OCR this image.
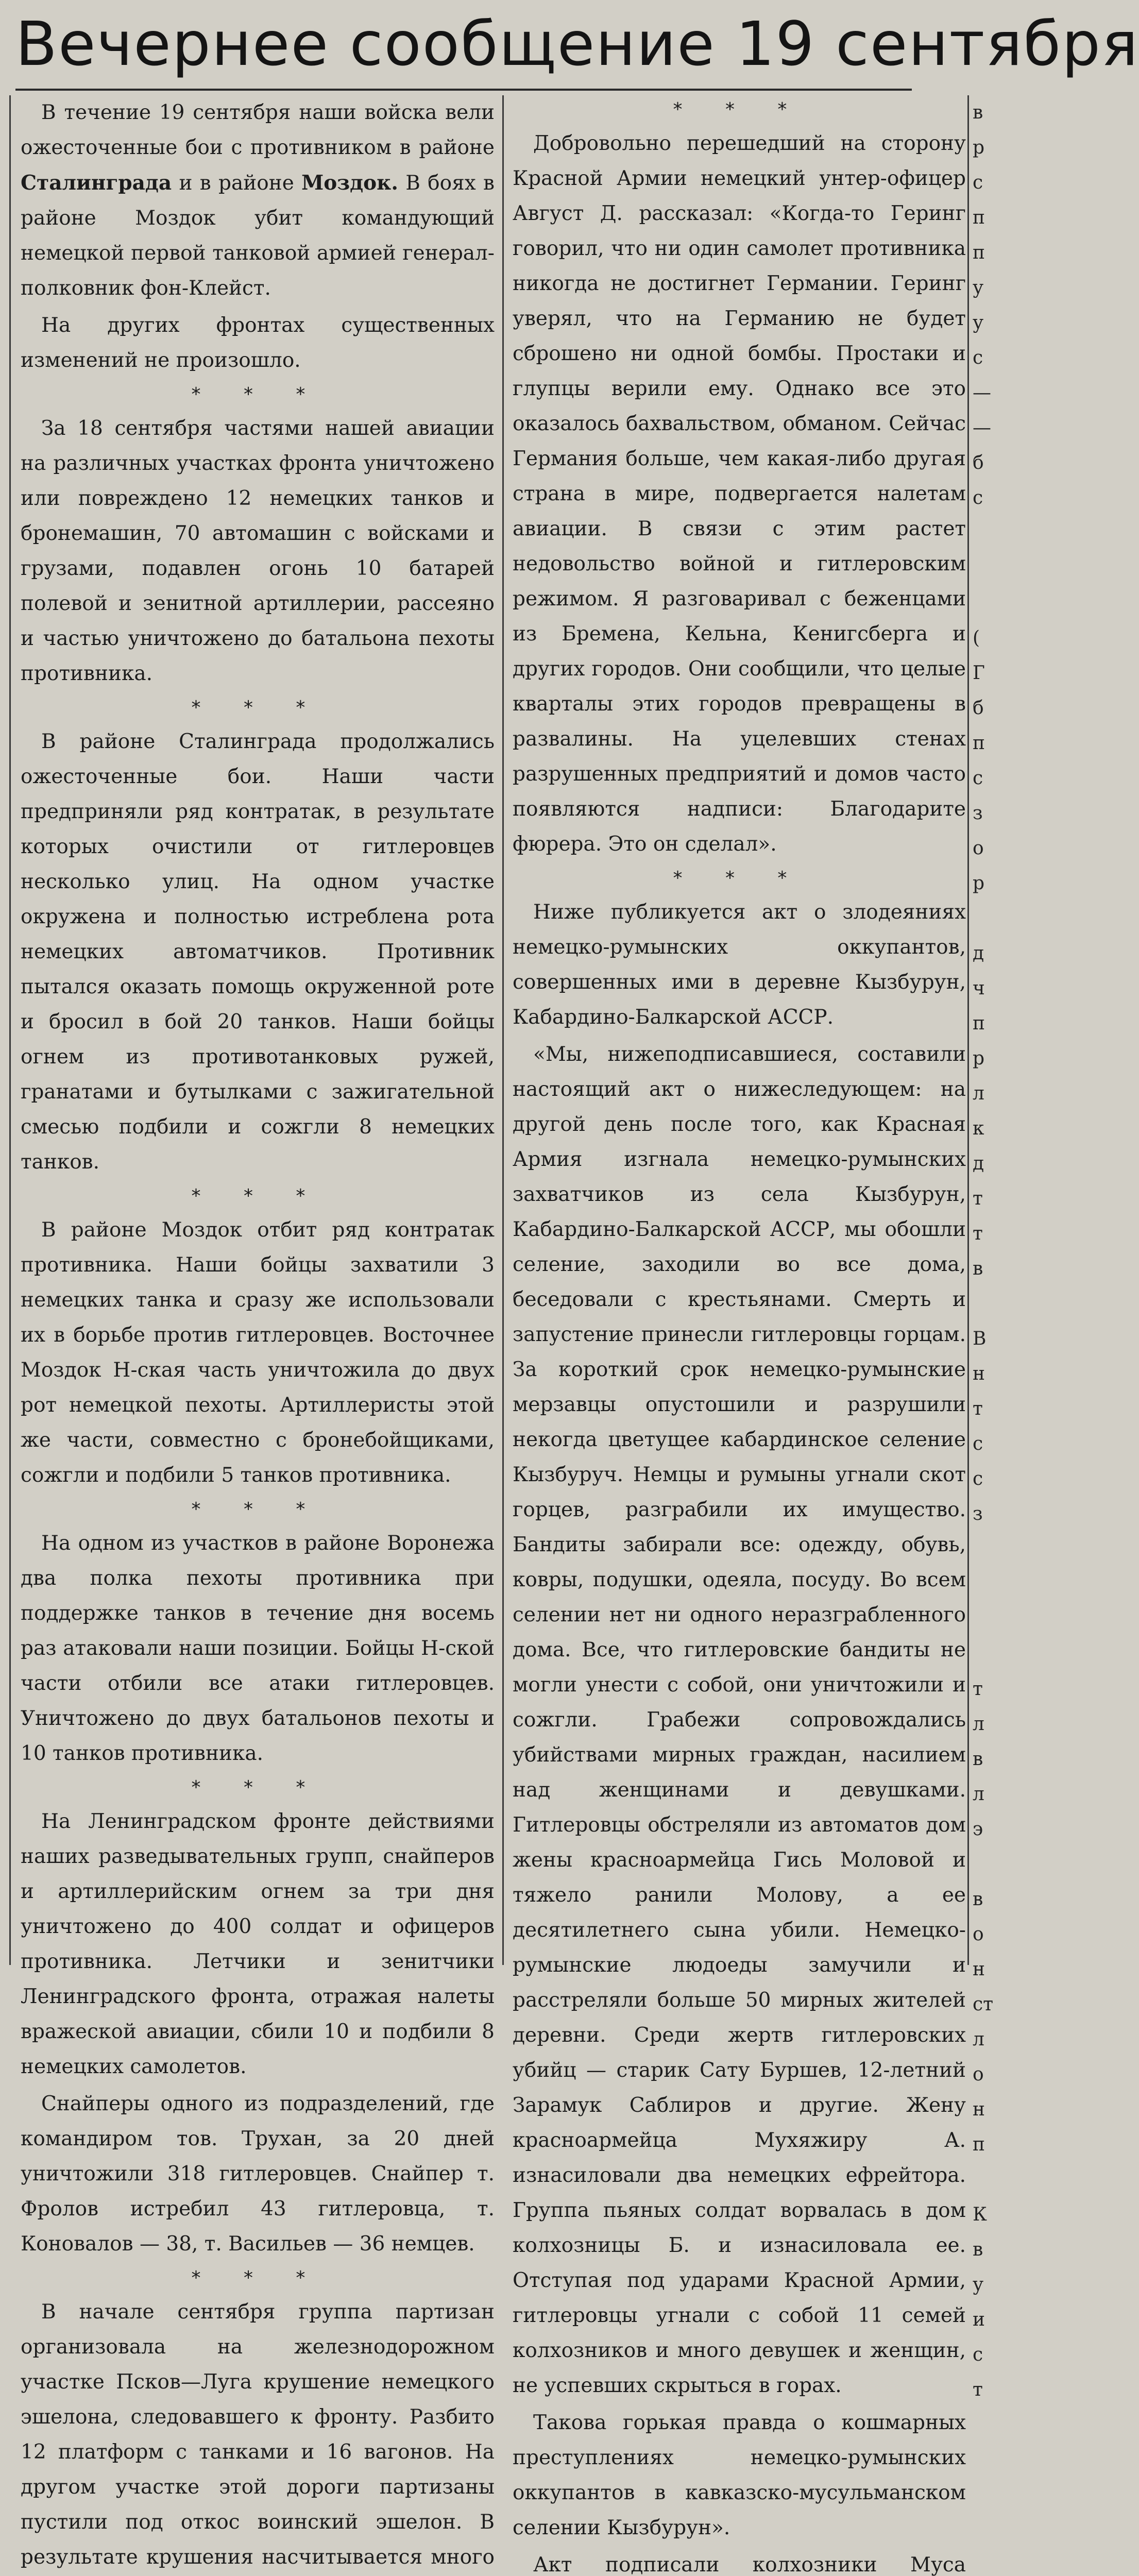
Вечернее сообщение 19 сентября

В течение 19 сентября наши войска вели ожесточенные бои с противником в районе Сталинграда и в районе Моздок. В боях в районе Моздок убит командующий немецкой первой танковой армией генерал-полковник фон-Клейст.

На других фронтах существенных изменений не произошло.

* * *

За 18 сентября частями нашей авиации на различных участках фронта уничтожено или повреждено 12 немецких танков и бронемашин, 70 автомашин с войсками и грузами, подавлен огонь 10 батарей полевой и зенитной артиллерии, рассеяно и частью уничтожено до батальона пехоты противника.

* * *

В районе Сталинграда продолжались ожесточенные бои. Наши части предприняли ряд контратак, в результате которых очистили от гитлеровцев несколько улиц. На одном участке окружена и полностью истреблена рота немецких автоматчиков. Противник пытался оказать помощь окруженной роте и бросил в бой 20 танков. Наши бойцы огнем из противотанковых ружей, гранатами и бутылками с зажигательной смесью подбили и сожгли 8 немецких танков.

* * *

В районе Моздок отбит ряд контратак противника. Наши бойцы захватили 3 немецких танка и сразу же использовали их в борьбе против гитлеровцев. Восточнее Моздок Н-ская часть уничтожила до двух рот немецкой пехоты. Артиллеристы этой же части, совместно с бронебойщиками, сожгли и подбили 5 танков противника.

* * *

На одном из участков в районе Воронежа два полка пехоты противника при поддержке танков в течение дня восемь раз атаковали наши позиции. Бойцы Н-ской части отбили все атаки гитлеровцев. Уничтожено до двух батальонов пехоты и 10 танков противника.

* * *

На Ленинградском фронте действиями наших разведывательных групп, снайперов и артиллерийским огнем за три дня уничтожено до 400 солдат и офицеров противника. Летчики и зенитчики Ленинградского фронта, отражая налеты вражеской авиации, сбили 10 и подбили 8 немецких самолетов.

Снайперы одного из подразделений, где командиром тов. Трухан, за 20 дней уничтожили 318 гитлеровцев. Снайпер т. Фролов истребил 43 гитлеровца, т. Коновалов — 38, т. Васильев — 36 немцев.

* * *

В начале сентября группа партизан организовала на железнодорожном участке Псков—Луга крушение немецкого эшелона, следовавшего к фронту. Разбито 12 платформ с танками и 16 вагонов. На другом участке этой дороги партизаны пустили под откос воинский эшелон. В результате крушения насчитывается много

* * *

Добровольно перешедший на сторону Красной Армии немецкий унтер-офицер Август Д. рассказал: «Когда-то Геринг говорил, что ни один самолет противника никогда не достигнет Германии. Геринг уверял, что на Германию не будет сброшено ни одной бомбы. Простаки и глупцы верили ему. Однако все это оказалось бахвальством, обманом. Сейчас Германия больше, чем какая-либо другая страна в мире, подвергается налетам авиации. В связи с этим растет недовольство войной и гитлеровским режимом. Я разговаривал с беженцами из Бремена, Кельна, Кенигсберга и других городов. Они сообщили, что целые кварталы этих городов превращены в развалины. На уцелевших стенах разрушенных предприятий и домов часто появляются надписи: Благодарите фюрера. Это он сделал».

* * *

Ниже публикуется акт о злодеяниях немецко-румынских оккупантов, совершенных ими в деревне Кызбурун, Кабардино-Балкарской АССР.

«Мы, нижеподписавшиеся, составили настоящий акт о нижеследующем: на другой день после того, как Красная Армия изгнала немецко-румынских захватчиков из села Кызбурун, Кабардино-Балкарской АССР, мы обошли селение, заходили во все дома, беседовали с крестьянами. Смерть и запустение принесли гитлеровцы горцам. За короткий срок немецко-румынские мерзавцы опустошили и разрушили некогда цветущее кабардинское селение Кызбуруч. Немцы и румыны угнали скот горцев, разграбили их имущество. Бандиты забирали все: одежду, обувь, ковры, подушки, одеяла, посуду. Во всем селении нет ни одного неразграбленного дома. Все, что гитлеровские бандиты не могли унести с собой, они уничтожили и сожгли. Грабежи сопровождались убийствами мирных граждан, насилием над женщинами и девушками. Гитлеровцы обстреляли из автоматов дом жены красноармейца Гись Моловой и тяжело ранили Молову, а ее десятилетнего сына убили. Немецко-румынские людоеды замучили и расстреляли больше 50 мирных жителей деревни. Среди жертв гитлеровских убийц — старик Сату Буршев, 12-летний Зарамук Саблиров и другие. Жену красноармейца Мухяжиру А. изнасиловали два немецких ефрейтора. Группа пьяных солдат ворвалась в дом колхозницы Б. и изнасиловала ее. Отступая под ударами Красной Армии, гитлеровцы угнали с собой 11 семей колхозников и много девушек и женщин, не успевших скрыться в горах.

Такова горькая правда о кошмарных преступлениях немецко-румынских оккупантов в кавказско-мусульманском селении Кызбурун».

Акт подписали колхозники Муса

в
р
с
п
п
у
у
с
—
—
б
с

(
Г
б
п
с
з
о
р

д
ч
п
р
л
к
д
т
т
в

В
н
т
с
с
з

т
л
в
л
э

в
о
н
ст
л
о
н
п

К
в
у
и
с
т
